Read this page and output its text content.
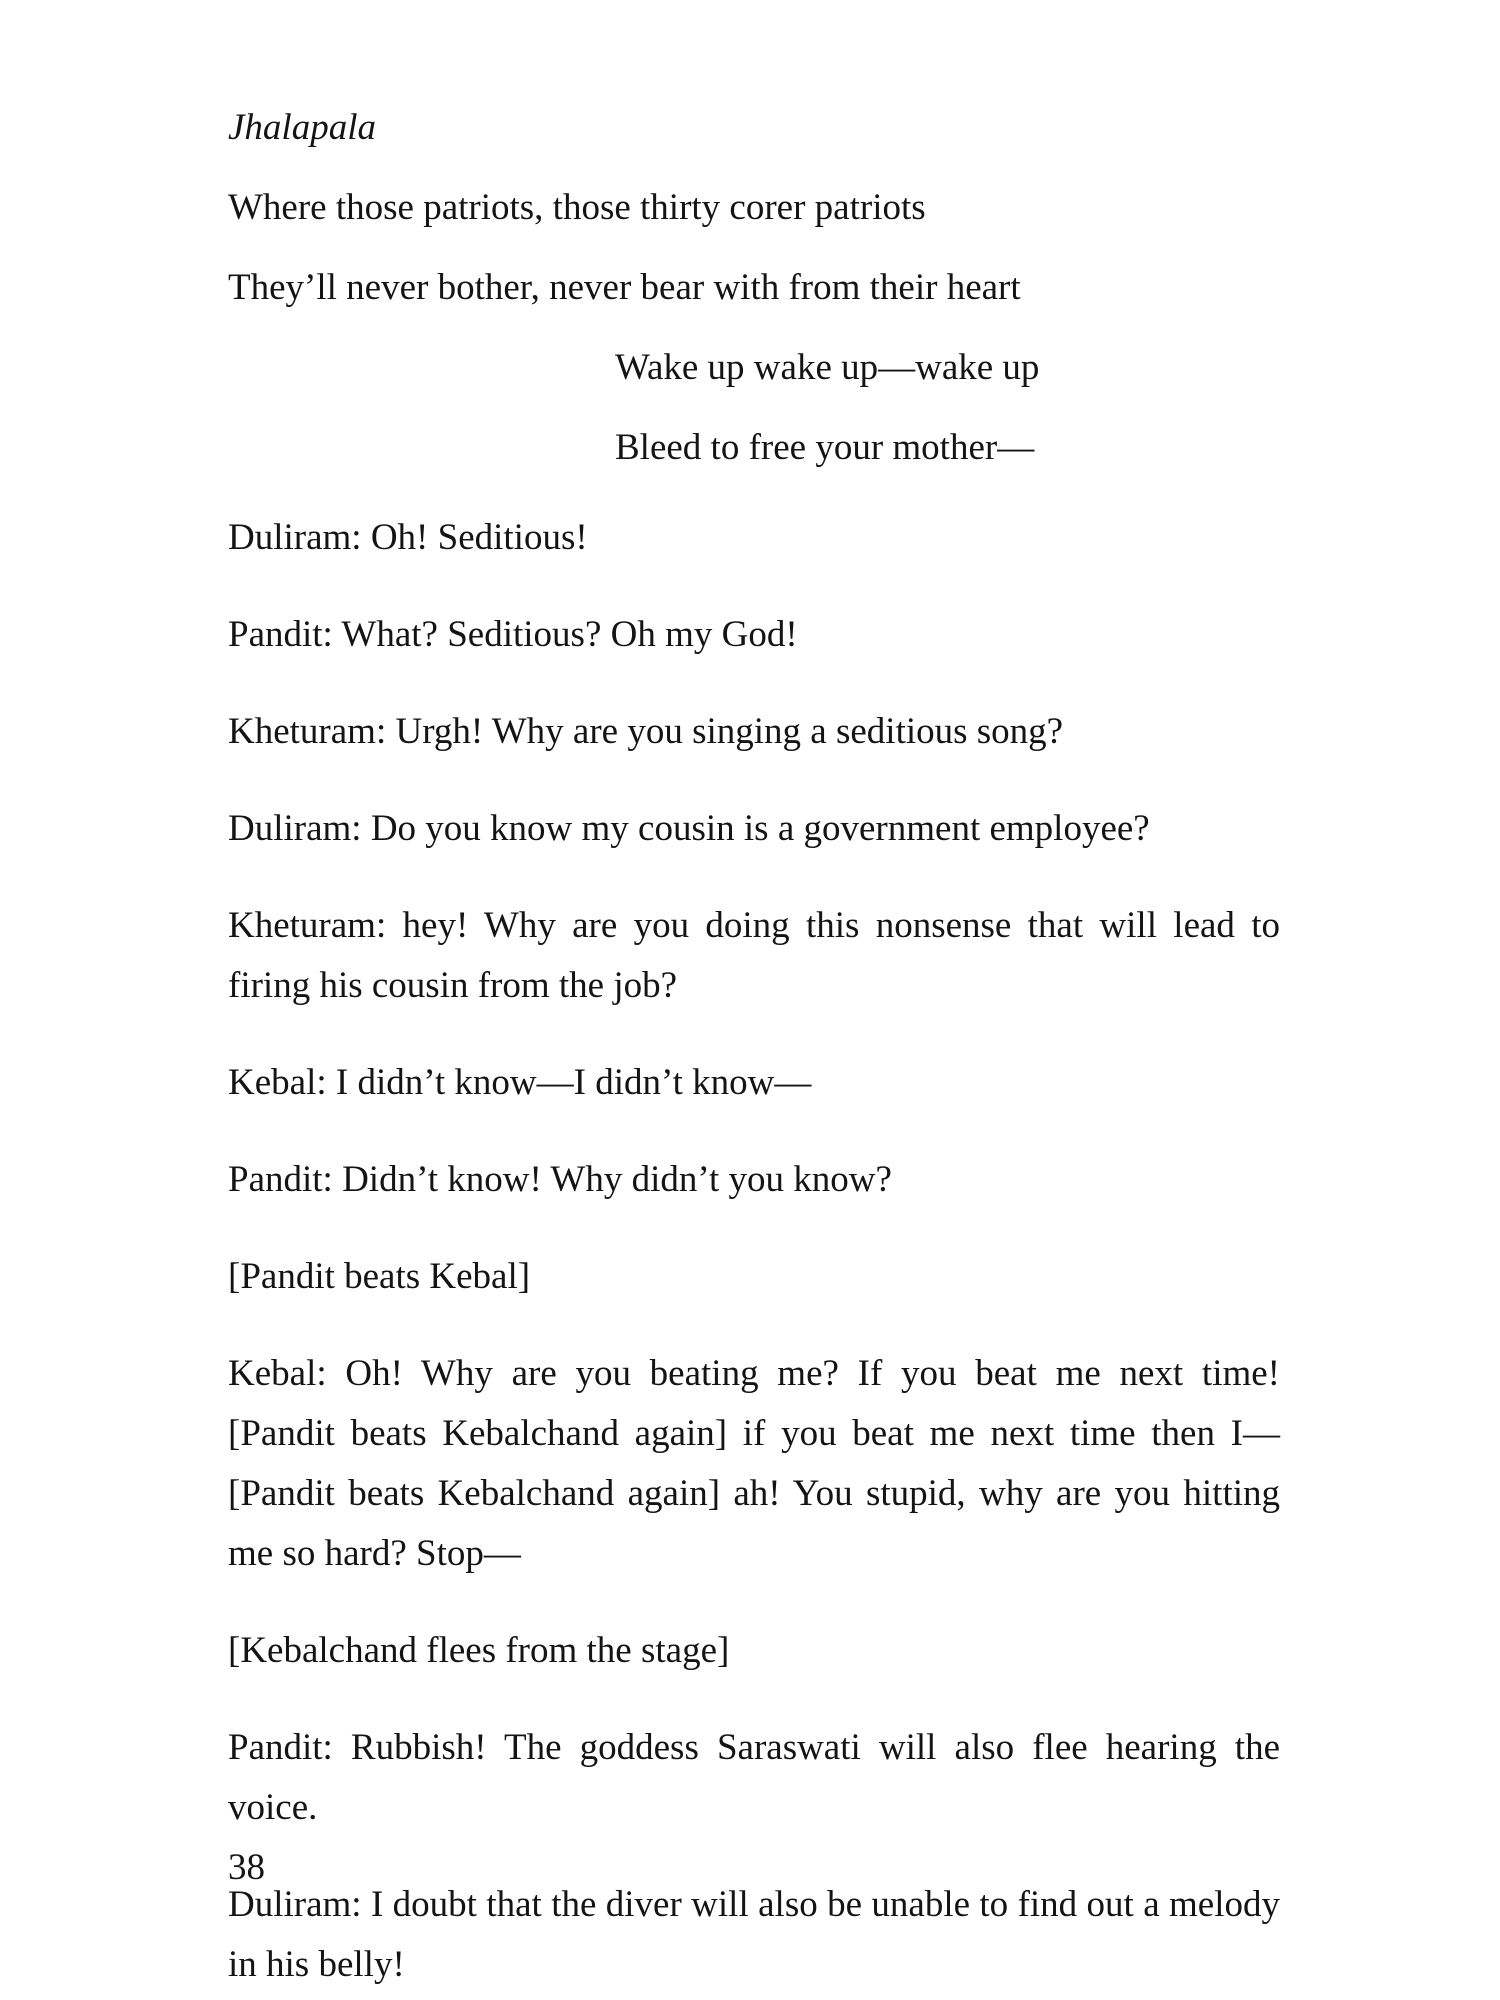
Jhalapala
Where those patriots, those thirty corer patriots
They’ll never bother, never bear with from their heart
Wake up wake up—wake up
Bleed to free your mother—

Duliram: Oh! Seditious!

Pandit: What? Seditious? Oh my God!

Kheturam: Urgh! Why are you singing a seditious song?

Duliram: Do you know my cousin is a government employee?

Kheturam: hey! Why are you doing this nonsense that will lead to firing his cousin from the job?

Kebal: I didn’t know—I didn’t know—

Pandit: Didn’t know! Why didn’t you know?

[Pandit beats Kebal]

Kebal: Oh! Why are you beating me? If you beat me next time! [Pandit beats Kebalchand again] if you beat me next time then I— [Pandit beats Kebalchand again] ah! You stupid, why are you hitting me so hard? Stop—

[Kebalchand flees from the stage]

Pandit: Rubbish! The goddess Saraswati will also flee hearing the voice.

Duliram: I doubt that the diver will also be unable to find out a melody in his belly!

38
